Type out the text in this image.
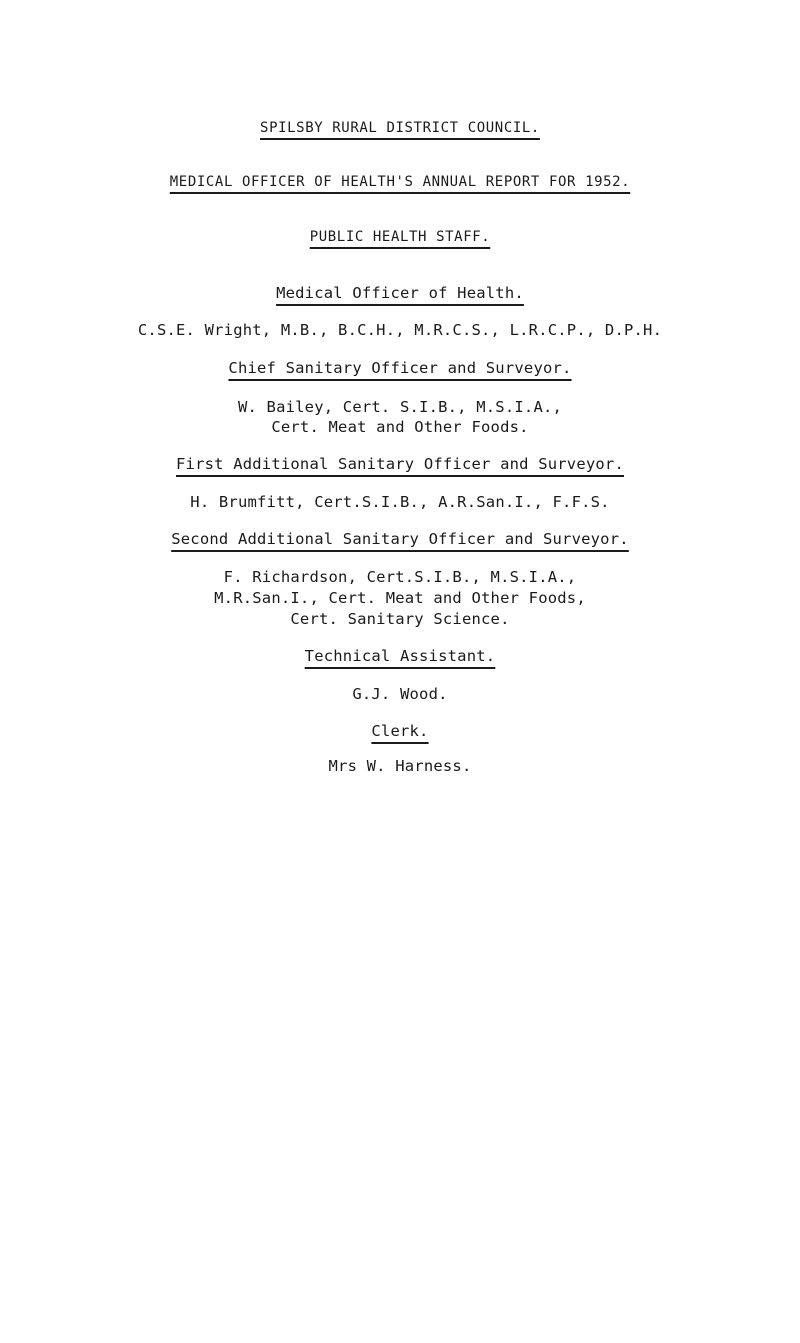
SPILSBY RURAL DISTRICT COUNCIL.
MEDICAL OFFICER OF HEALTH'S ANNUAL REPORT FOR 1952.
PUBLIC HEALTH STAFF.
Medical Officer of Health.
C.S.E. Wright, M.B., B.C.H., M.R.C.S., L.R.C.P., D.P.H.
Chief Sanitary Officer and Surveyor.
W. Bailey, Cert. S.I.B., M.S.I.A.,
Cert. Meat and Other Foods.
First Additional Sanitary Officer and Surveyor.
H. Brumfitt, Cert.S.I.B., A.R.San.I., F.F.S.
Second Additional Sanitary Officer and Surveyor.
F. Richardson, Cert.S.I.B., M.S.I.A.,
M.R.San.I., Cert. Meat and Other Foods,
Cert. Sanitary Science.
Technical Assistant.
G.J. Wood.
Clerk.
Mrs W. Harness.
